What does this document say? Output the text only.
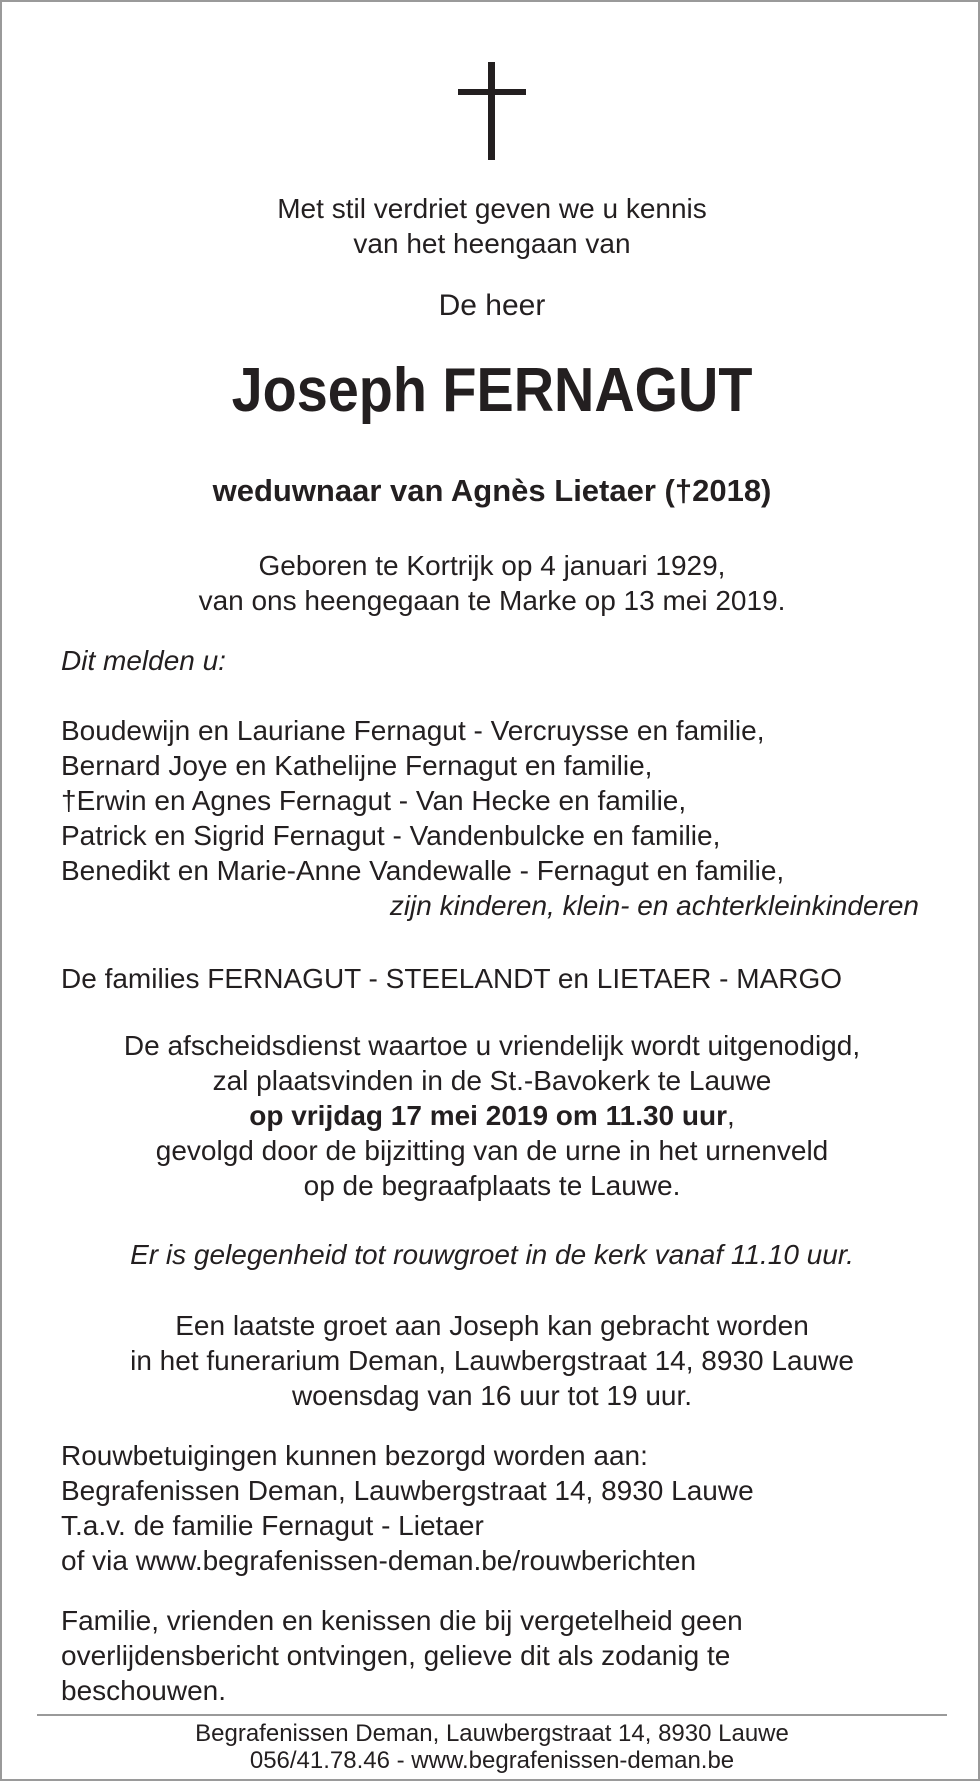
Met stil verdriet geven we u kennis
van het heengaan van

De heer

Joseph FERNAGUT

weduwnaar van Agnès Lietaer (†2018)

Geboren te Kortrijk op 4 januari 1929,
van ons heengegaan te Marke op 13 mei 2019.

Dit melden u:

Boudewijn en Lauriane Fernagut - Vercruysse en familie,
Bernard Joye en Kathelijne Fernagut en familie,
†Erwin en Agnes Fernagut - Van Hecke en familie,
Patrick en Sigrid Fernagut - Vandenbulcke en familie,
Benedikt en Marie-Anne Vandewalle - Fernagut en familie,

zijn kinderen, klein- en achterkleinkinderen

De families FERNAGUT - STEELANDT en LIETAER - MARGO

De afscheidsdienst waartoe u vriendelijk wordt uitgenodigd,
zal plaatsvinden in de St.-Bavokerk te Lauwe
op vrijdag 17 mei 2019 om 11.30 uur,
gevolgd door de bijzitting van de urne in het urnenveld
op de begraafplaats te Lauwe.

Er is gelegenheid tot rouwgroet in de kerk vanaf 11.10 uur.

Een laatste groet aan Joseph kan gebracht worden
in het funerarium Deman, Lauwbergstraat 14, 8930 Lauwe
woensdag van 16 uur tot 19 uur.

Rouwbetuigingen kunnen bezorgd worden aan:
Begrafenissen Deman, Lauwbergstraat 14, 8930 Lauwe
T.a.v. de familie Fernagut - Lietaer
of via www.begrafenissen-deman.be/rouwberichten

Familie, vrienden en kenissen die bij vergetelheid geen
overlijdensbericht ontvingen, gelieve dit als zodanig te
beschouwen.

Begrafenissen Deman, Lauwbergstraat 14, 8930 Lauwe

056/41.78.46 - www.begrafenissen-deman.be
